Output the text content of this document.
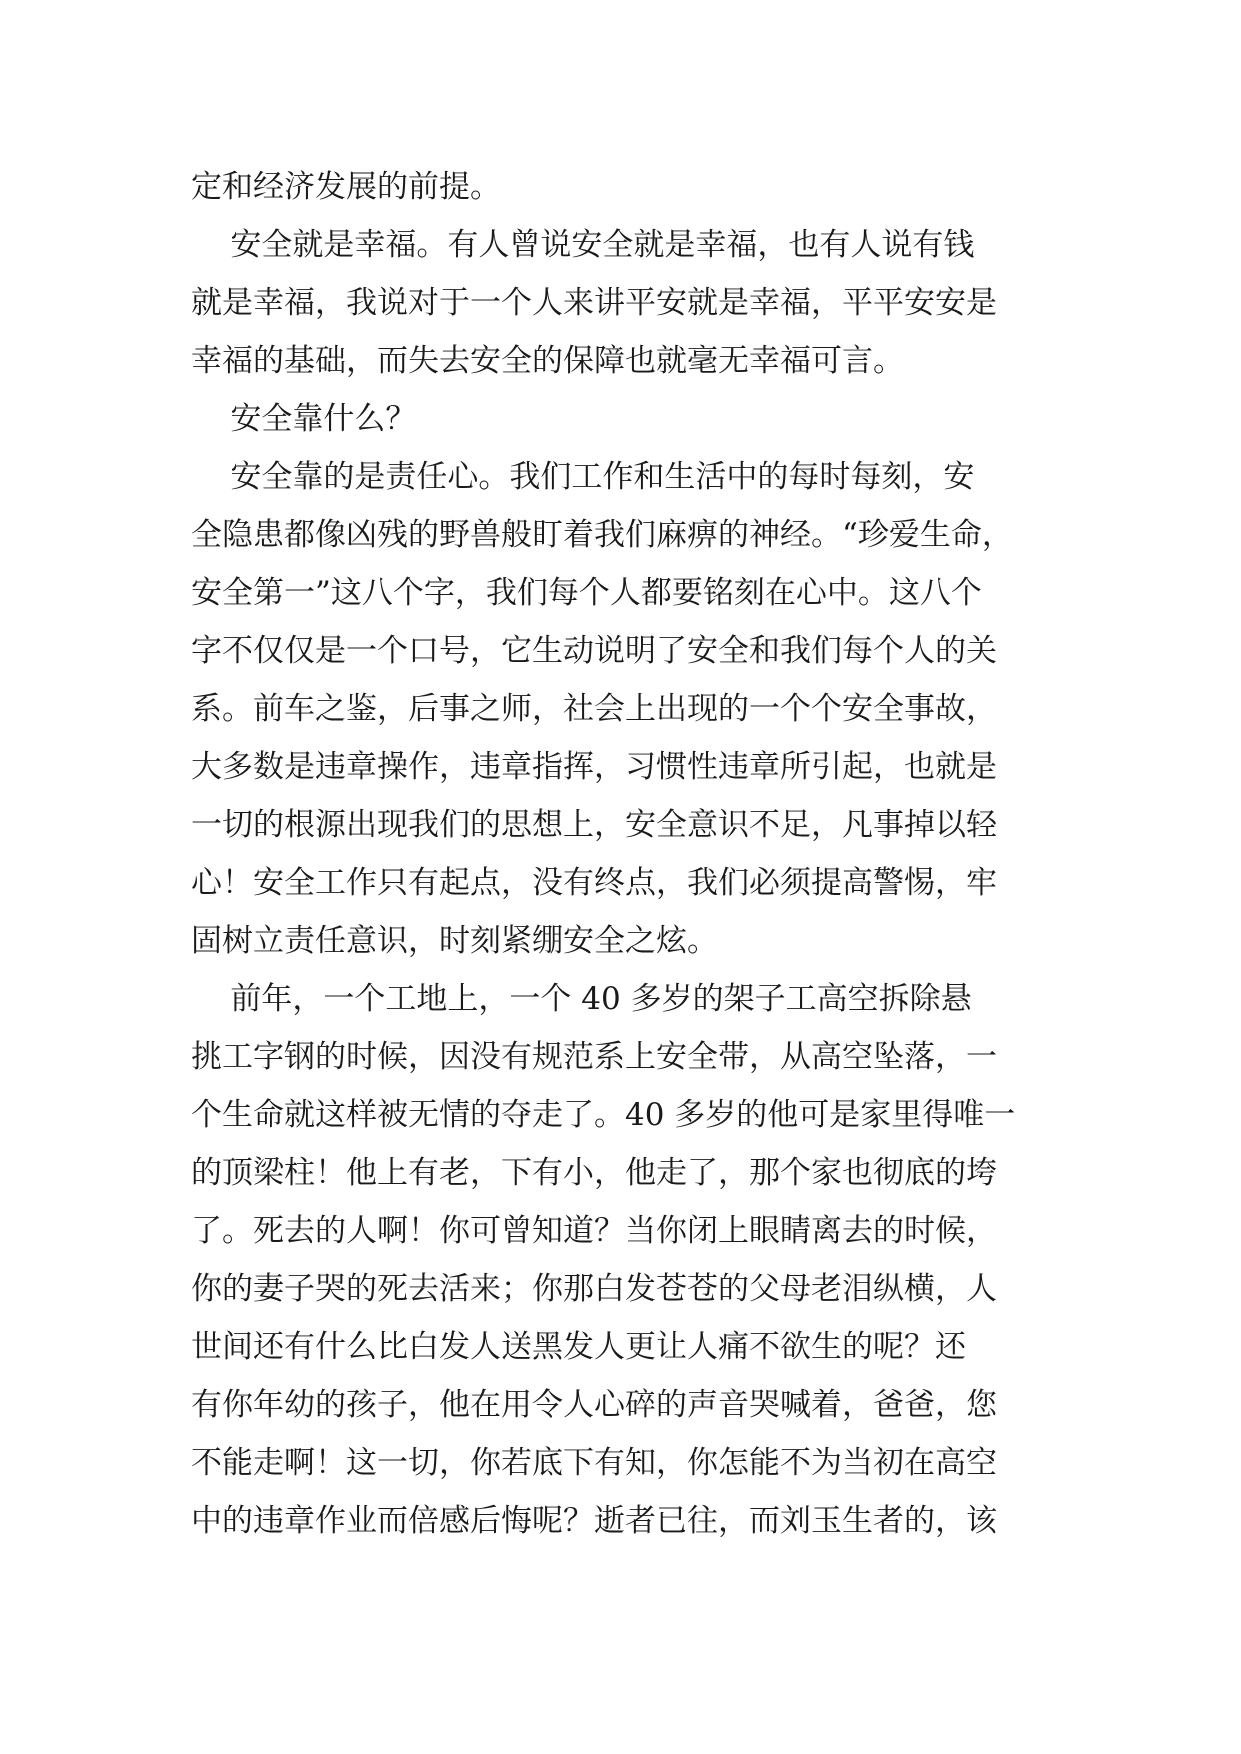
定和经济发展的前提。
安全就是幸福。有人曾说安全就是幸福，也有人说有钱
就是幸福，我说对于一个人来讲平安就是幸福，平平安安是
幸福的基础，而失去安全的保障也就毫无幸福可言。
安全靠什么？
安全靠的是责任心。我们工作和生活中的每时每刻，安
全隐患都像凶残的野兽般盯着我们麻痹的神经。“珍爱生命，
安全第一”这八个字，我们每个人都要铭刻在心中。这八个
字不仅仅是一个口号，它生动说明了安全和我们每个人的关
系。前车之鉴，后事之师，社会上出现的一个个安全事故，
大多数是违章操作，违章指挥，习惯性违章所引起，也就是
一切的根源出现我们的思想上，安全意识不足，凡事掉以轻
心！安全工作只有起点，没有终点，我们必须提高警惕，牢
固树立责任意识，时刻紧绷安全之炫。
前年，一个工地上，一个 40 多岁的架子工高空拆除悬
挑工字钢的时候，因没有规范系上安全带，从高空坠落，一
个生命就这样被无情的夺走了。40 多岁的他可是家里得唯一
的顶梁柱！他上有老，下有小，他走了，那个家也彻底的垮
了。死去的人啊！你可曾知道？当你闭上眼睛离去的时候，
你的妻子哭的死去活来；你那白发苍苍的父母老泪纵横，人
世间还有什么比白发人送黑发人更让人痛不欲生的呢？还
有你年幼的孩子，他在用令人心碎的声音哭喊着，爸爸，您
不能走啊！这一切，你若底下有知，你怎能不为当初在高空
中的违章作业而倍感后悔呢？逝者已往，而刘玉生者的，该
